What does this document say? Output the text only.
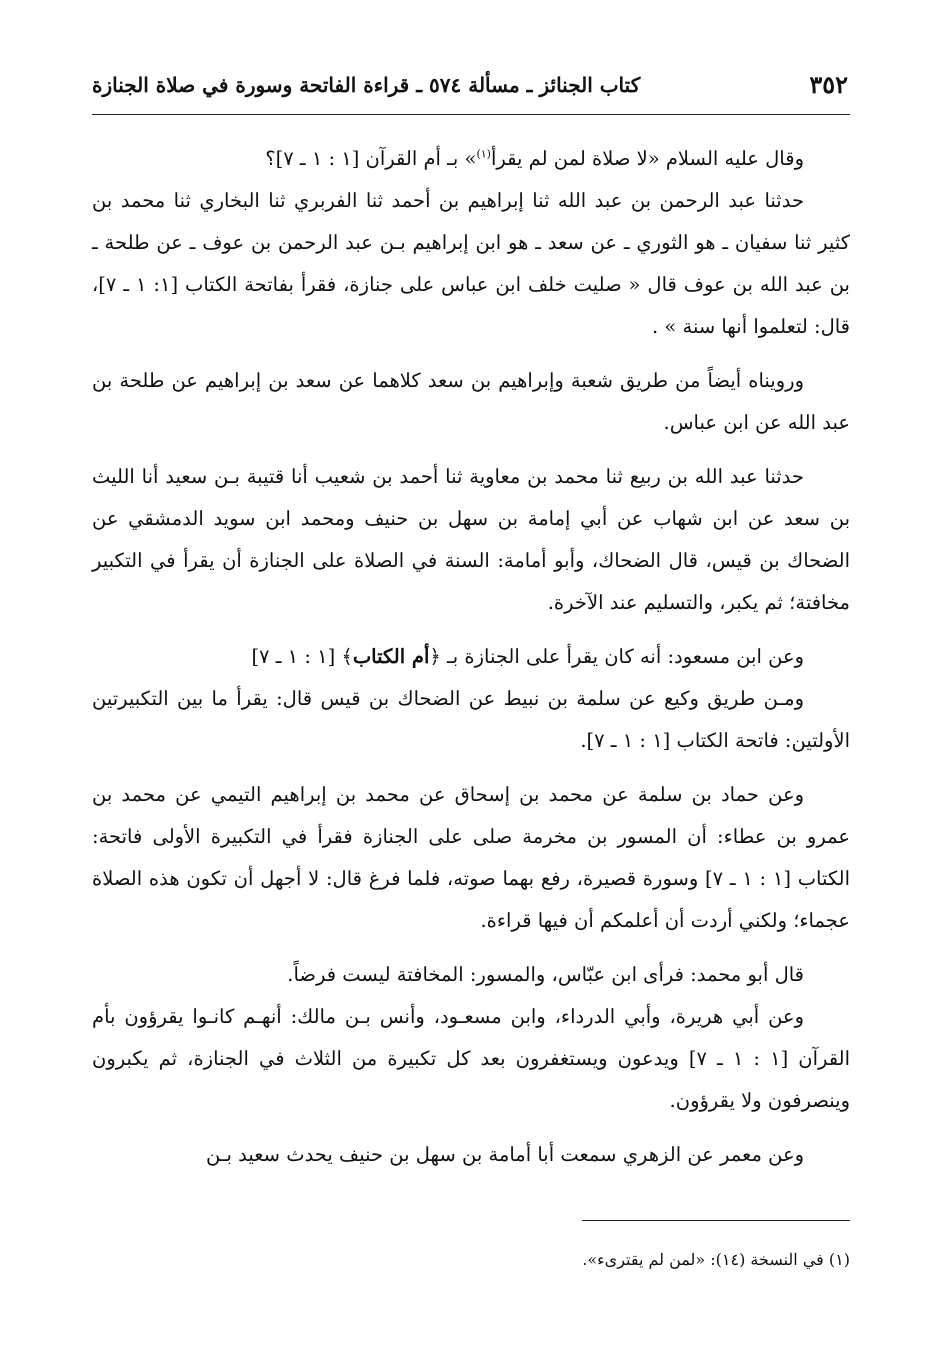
٣٥٢
كتاب الجنائز ـ مسألة ٥٧٤ ـ قراءة الفاتحة وسورة في صلاة الجنازة

وقال عليه السلام «لا صلاة لمن لم يقرأ$^{(١)}$» بـ أم القرآن [١ : ١ ـ ٧]؟

حدثنا عبد الرحمن بن عبد الله ثنا إبراهيم بن أحمد ثنا الفربري ثنا البخاري ثنا محمد بن كثير ثنا سفيان ـ هو الثوري ـ عن سعد ـ هو ابن إبراهيم بـن عبد الرحمن بن عوف ـ عن طلحة ـ بن عبد الله بن عوف قال « صليت خلف ابن عباس على جنازة، فقرأ بفاتحة الكتاب [١: ١ ـ ٧]، قال: لتعلموا أنها سنة » .

ورويناه أيضاً من طريق شعبة وإبراهيم بن سعد كلاهما عن سعد بن إبراهيم عن طلحة بن عبد الله عن ابن عباس.

حدثنا عبد الله بن ربيع ثنا محمد بن معاوية ثنا أحمد بن شعيب أنا قتيبة بـن سعيد أنا الليث بن سعد عن ابن شهاب عن أبي إمامة بن سهل بن حنيف ومحمد ابن سويد الدمشقي عن الضحاك بن قيس، قال الضحاك، وأبو أمامة: السنة في الصلاة على الجنازة أن يقرأ في التكبير مخافتة؛ ثم يكبر، والتسليم عند الآخرة.

وعن ابن مسعود: أنه كان يقرأ على الجنازة بـ ﴿أم الكتاب﴾ [١ : ١ ـ ٧]

ومـن طريق وكيع عن سلمة بن نبيط عن الضحاك بن قيس قال: يقرأ ما بين التكبيرتين الأولتين: فاتحة الكتاب [١ : ١ ـ ٧].

وعن حماد بن سلمة عن محمد بن إسحاق عن محمد بن إبراهيم التيمي عن محمد بن عمرو بن عطاء: أن المسور بن مخرمة صلى على الجنازة فقرأ في التكبيرة الأولى فاتحة: الكتاب [١ : ١ ـ ٧] وسورة قصيرة، رفع بهما صوته، فلما فرغ قال: لا أجهل أن تكون هذه الصلاة عجماء؛ ولكني أردت أن أعلمكم أن فيها قراءة.

قال أبو محمد: فرأى ابن عبّاس، والمسور: المخافتة ليست فرضاً.

وعن أبي هريرة، وأبي الدرداء، وابن مسعـود، وأنس بـن مالك: أنهـم كانـوا يقرؤون بأم القرآن [١ : ١ ـ ٧] ويدعون ويستغفرون بعد كل تكبيرة من الثلاث في الجنازة، ثم يكبرون وينصرفون ولا يقرؤون.

وعن معمر عن الزهري سمعت أبا أمامة بن سهل بن حنيف يحدث سعيد بـن

(١) في النسخة (١٤): «لمن لم يقترىء».
